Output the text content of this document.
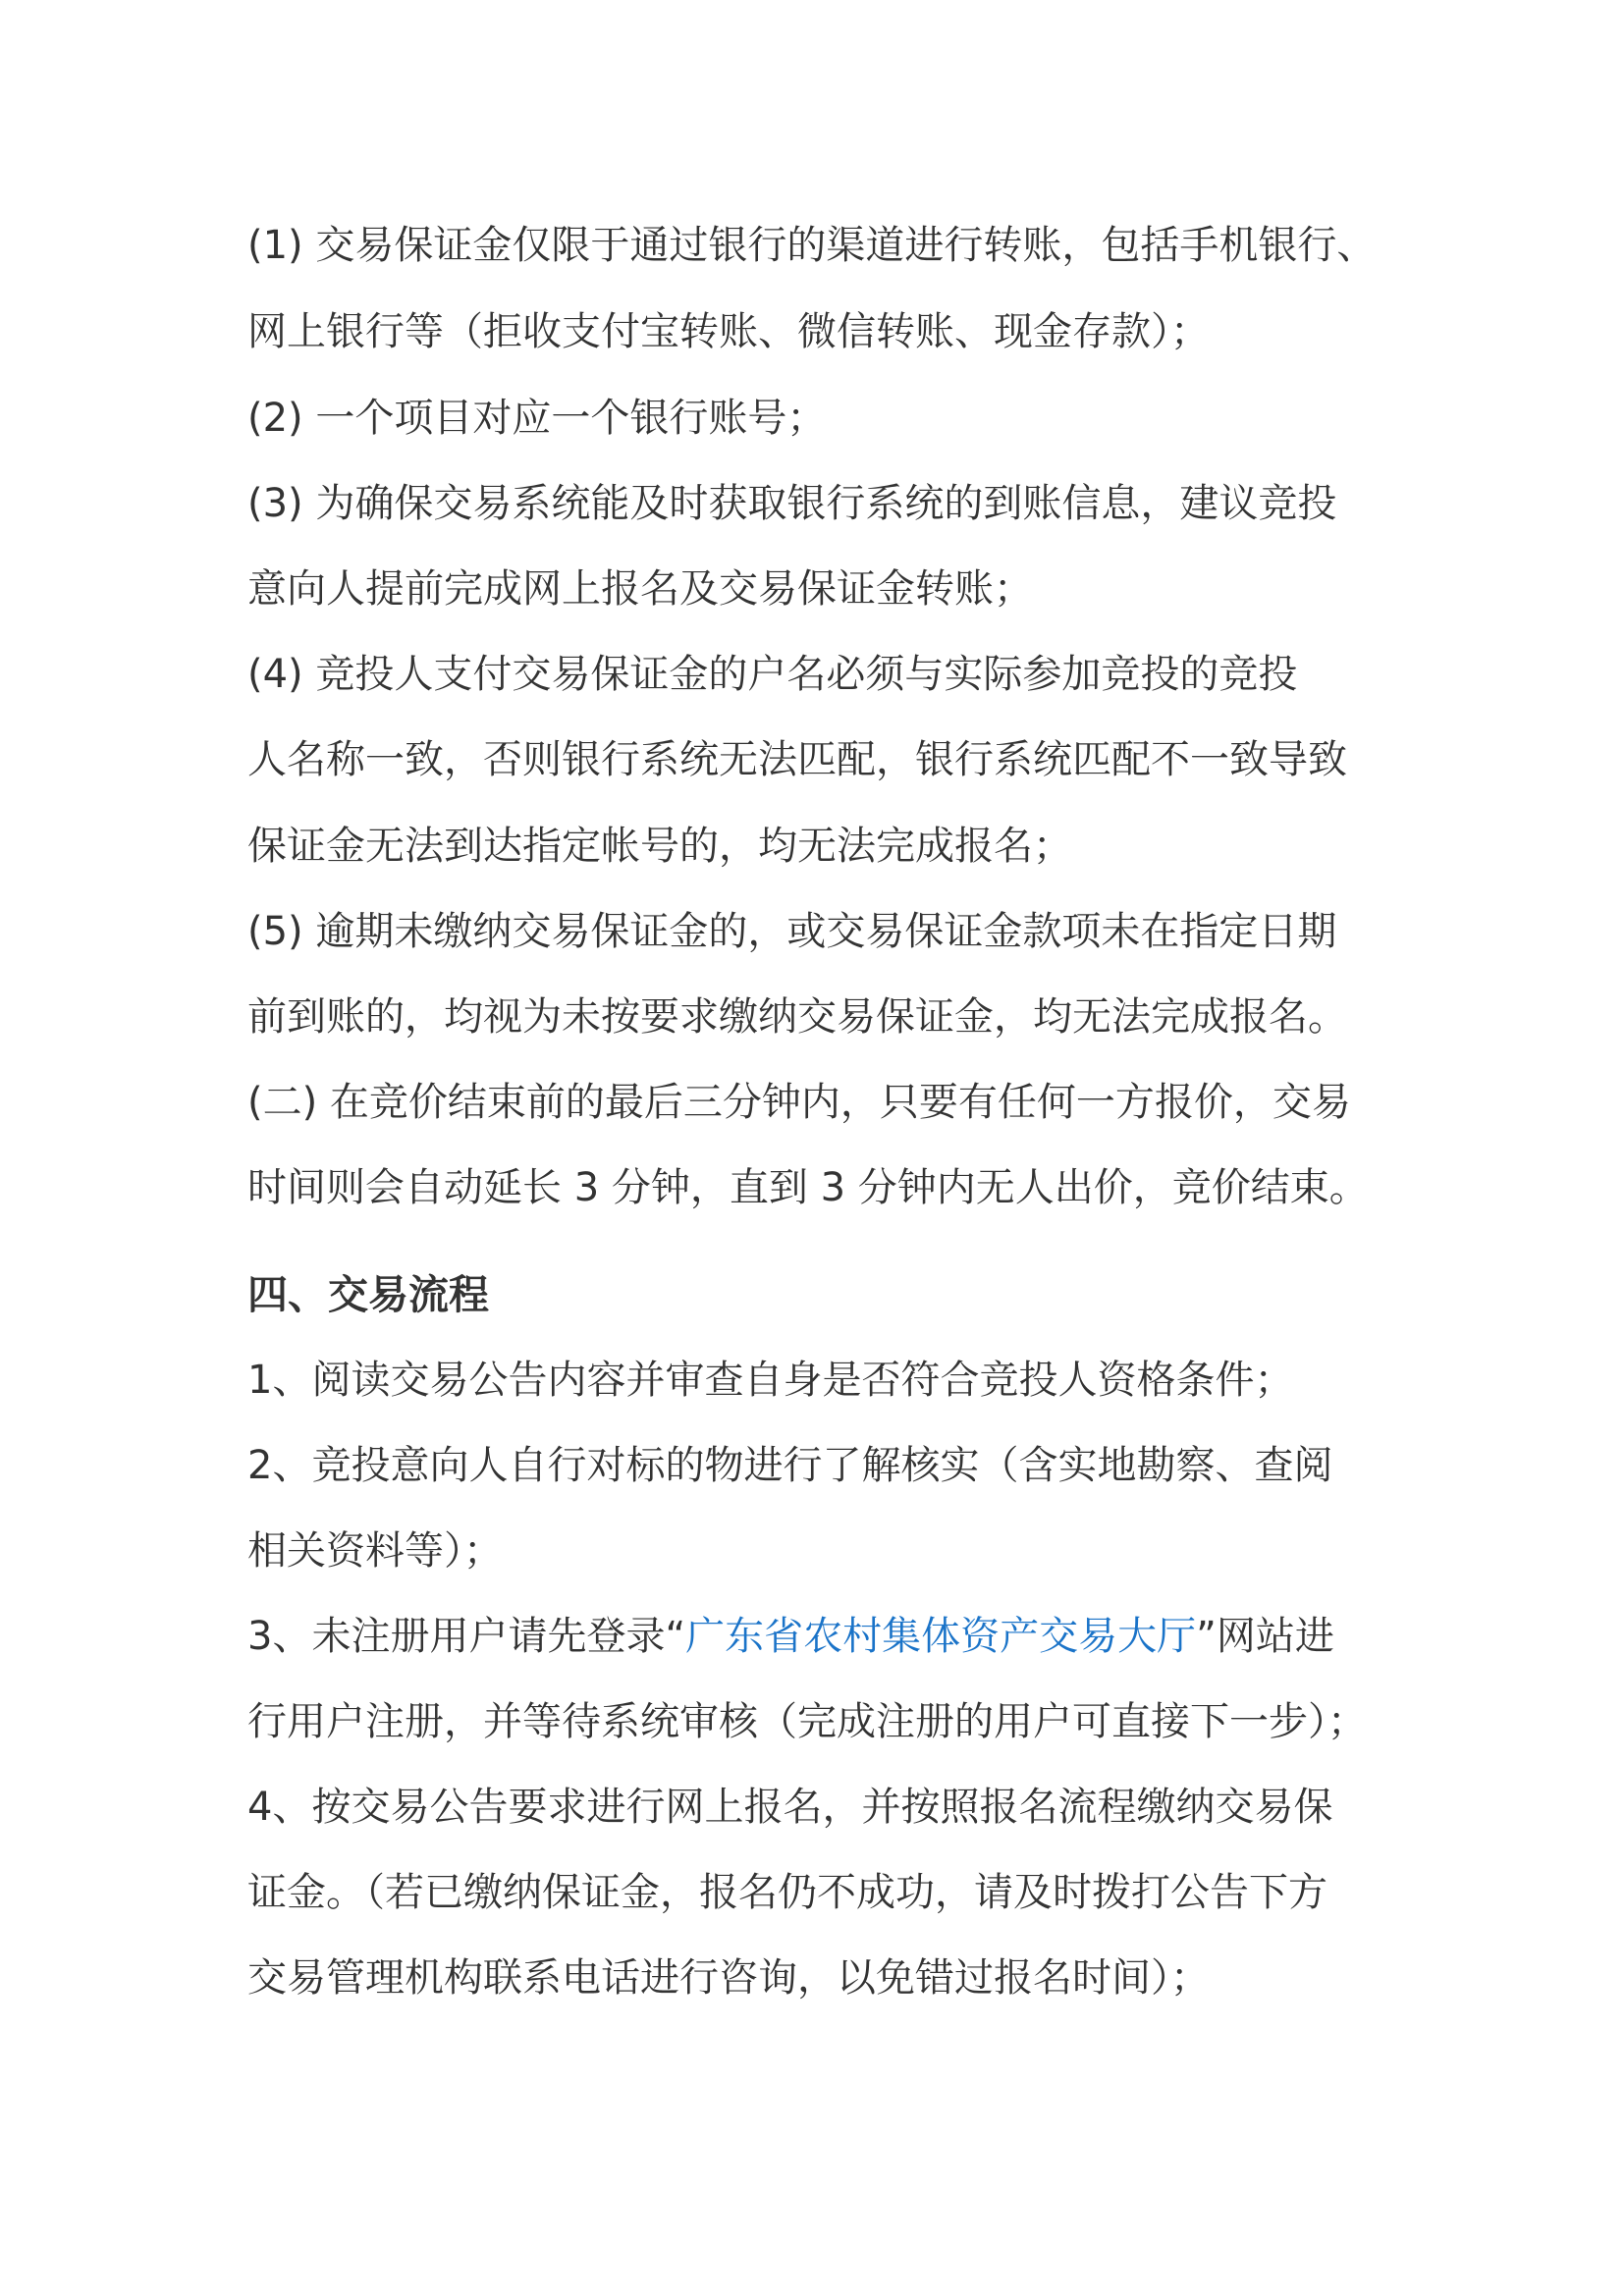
(1) 交易保证金仅限于通过银行的渠道进行转账，包括手机银行、
网上银行等（拒收支付宝转账、微信转账、现金存款）；
(2) 一个项目对应一个银行账号；
(3) 为确保交易系统能及时获取银行系统的到账信息，建议竞投
意向人提前完成网上报名及交易保证金转账；
(4) 竞投人支付交易保证金的户名必须与实际参加竞投的竞投
人名称一致，否则银行系统无法匹配，银行系统匹配不一致导致
保证金无法到达指定帐号的，均无法完成报名；
(5) 逾期未缴纳交易保证金的，或交易保证金款项未在指定日期
前到账的，均视为未按要求缴纳交易保证金，均无法完成报名。
(二) 在竞价结束前的最后三分钟内，只要有任何一方报价，交易
时间则会自动延长 3 分钟，直到 3 分钟内无人出价，竞价结束。
四、交易流程
1、阅读交易公告内容并审查自身是否符合竞投人资格条件；
2、竞投意向人自行对标的物进行了解核实（含实地勘察、查阅
相关资料等）；
3、未注册用户请先登录“广东省农村集体资产交易大厅”网站进
行用户注册，并等待系统审核（完成注册的用户可直接下一步）；
4、按交易公告要求进行网上报名，并按照报名流程缴纳交易保
证金。（若已缴纳保证金，报名仍不成功，请及时拨打公告下方
交易管理机构联系电话进行咨询，以免错过报名时间）；
